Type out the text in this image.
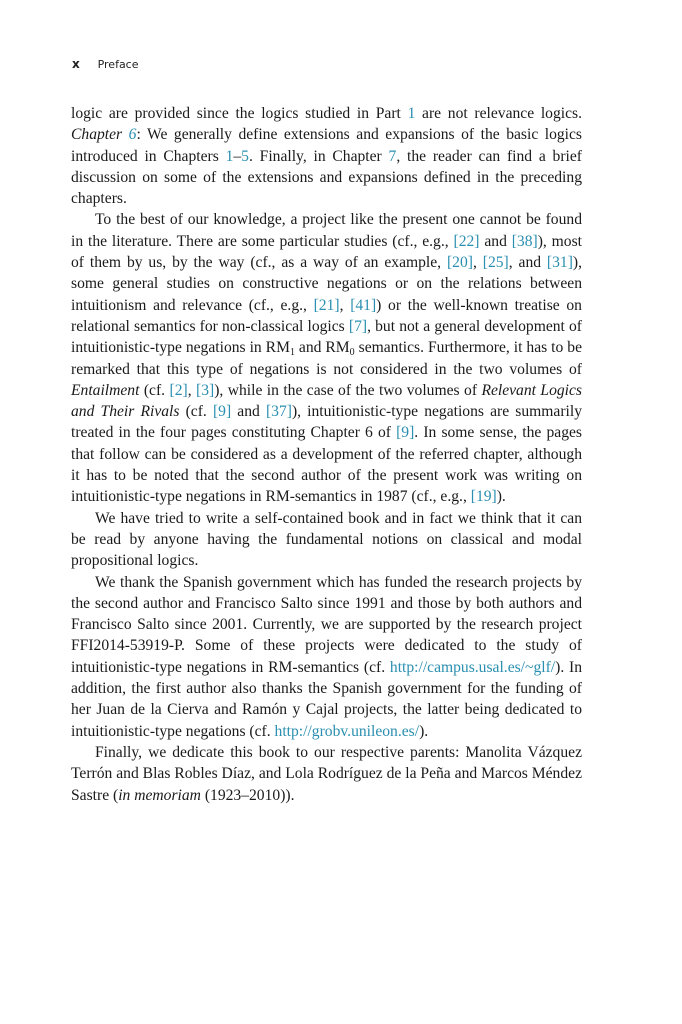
x Preface

logic are provided since the logics studied in Part 1 are not relevance logics. Chapter 6: We generally define extensions and expansions of the basic logics introduced in Chapters 1–5. Finally, in Chapter 7, the reader can find a brief discussion on some of the extensions and expansions defined in the preceding chapters.

To the best of our knowledge, a project like the present one cannot be found in the literature. There are some particular studies (cf., e.g., [22] and [38]), most of them by us, by the way (cf., as a way of an example, [20], [25], and [31]), some general studies on constructive negations or on the relations between intuitionism and relevance (cf., e.g., [21], [41]) or the well-known treatise on relational semantics for non-classical logics [7], but not a general development of intuitionistic-type negations in $RM_1$ and $RM_0$ semantics. Furthermore, it has to be remarked that this type of negations is not considered in the two volumes of Entailment (cf. [2], [3]), while in the case of the two volumes of Relevant Logics and Their Rivals (cf. [9] and [37]), intuitionistic-type negations are summarily treated in the four pages constituting Chapter 6 of [9]. In some sense, the pages that follow can be considered as a development of the referred chapter, although it has to be noted that the second author of the present work was writing on intuitionistic-type negations in RM-semantics in 1987 (cf., e.g., [19]).

We have tried to write a self-contained book and in fact we think that it can be read by anyone having the fundamental notions on classical and modal propositional logics.

We thank the Spanish government which has funded the research projects by the second author and Francisco Salto since 1991 and those by both authors and Francisco Salto since 2001. Currently, we are supported by the research project FFI2014-53919-P. Some of these projects were dedicated to the study of intuitionistic-type negations in RM-semantics (cf. http://campus.usal.es/~glf/). In addition, the first author also thanks the Spanish government for the funding of her Juan de la Cierva and Ramón y Cajal projects, the latter being dedicated to intuitionistic-type negations (cf. http://grobv.unileon.es/).

Finally, we dedicate this book to our respective parents: Manolita Vázquez Terrón and Blas Robles Díaz, and Lola Rodríguez de la Peña and Marcos Méndez Sastre (in memoriam (1923–2010)).
